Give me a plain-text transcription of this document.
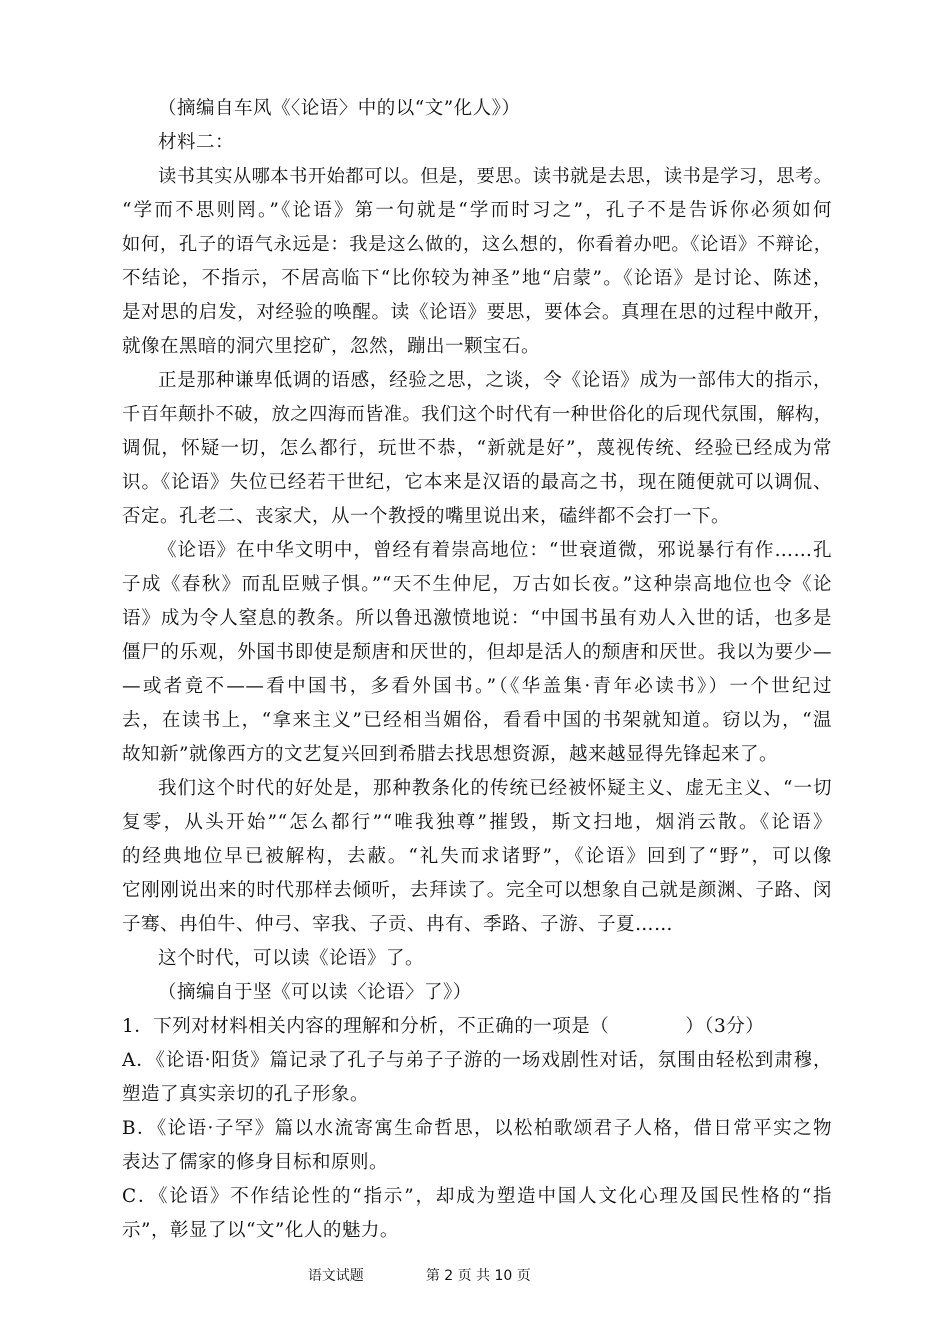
（摘编自车风《〈论语〉中的以“文”化人》）
材料二：
读书其实从哪本书开始都可以。但是，要思。读书就是去思，读书是学习，思考。
“学而不思则罔。”《论语》第一句就是“学而时习之”，孔子不是告诉你必须如何
如何，孔子的语气永远是：我是这么做的，这么想的，你看着办吧。《论语》不辩论，
不结论，不指示，不居高临下“比你较为神圣”地“启蒙”。《论语》是讨论、陈述，
是对思的启发，对经验的唤醒。读《论语》要思，要体会。真理在思的过程中敞开，
就像在黑暗的洞穴里挖矿，忽然，蹦出一颗宝石。
正是那种谦卑低调的语感，经验之思，之谈，令《论语》成为一部伟大的指示，
千百年颠扑不破，放之四海而皆准。我们这个时代有一种世俗化的后现代氛围，解构，
调侃，怀疑一切，怎么都行，玩世不恭，“新就是好”，蔑视传统、经验已经成为常
识。《论语》失位已经若干世纪，它本来是汉语的最高之书，现在随便就可以调侃、
否定。孔老二、丧家犬，从一个教授的嘴里说出来，磕绊都不会打一下。
《论语》在中华文明中，曾经有着崇高地位：“世衰道微，邪说暴行有作……孔
子成《春秋》而乱臣贼子惧。”“天不生仲尼，万古如长夜。”这种崇高地位也令《论
语》成为令人窒息的教条。所以鲁迅激愤地说：“中国书虽有劝人入世的话，也多是
僵尸的乐观，外国书即使是颓唐和厌世的，但却是活人的颓唐和厌世。我以为要少—
—或者竟不——看中国书，多看外国书。”（《华盖集·青年必读书》）一个世纪过
去，在读书上，“拿来主义”已经相当媚俗，看看中国的书架就知道。窃以为，“温
故知新”就像西方的文艺复兴回到希腊去找思想资源，越来越显得先锋起来了。
我们这个时代的好处是，那种教条化的传统已经被怀疑主义、虚无主义、“一切
复零，从头开始”“怎么都行”“唯我独尊”摧毁，斯文扫地，烟消云散。《论语》
的经典地位早已被解构，去蔽。“礼失而求诸野”，《论语》回到了“野”，可以像
它刚刚说出来的时代那样去倾听，去拜读了。完全可以想象自己就是颜渊、子路、闵
子骞、冉伯牛、仲弓、宰我、子贡、冉有、季路、子游、子夏……
这个时代，可以读《论语》了。
（摘编自于坚《可以读〈论语〉了》）
1．下列对材料相关内容的理解和分析，不正确的一项是（　　　　）（3分）
A．《论语·阳货》篇记录了孔子与弟子子游的一场戏剧性对话，氛围由轻松到肃穆，
塑造了真实亲切的孔子形象。
B．《论语·子罕》篇以水流寄寓生命哲思，以松柏歌颂君子人格，借日常平实之物
表达了儒家的修身目标和原则。
C．《论语》不作结论性的“指示”，却成为塑造中国人文化心理及国民性格的“指
示”，彰显了以“文”化人的魅力。

语文试题	第 2 页 共 10 页
